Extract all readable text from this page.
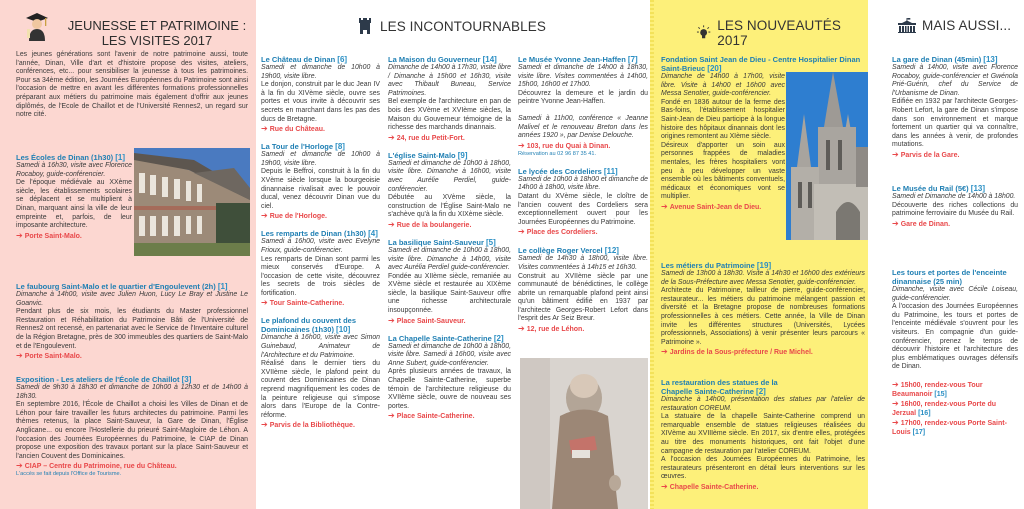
JEUNESSE ET PATRIMOINE :
LES VISITES 2017

Les jeunes générations sont l'avenir de notre patrimoine aussi, toute l'année, Dinan, Ville d'art et d'histoire propose des visites, ateliers, conférences, etc... pour sensibiliser la jeunesse à tous les patrimoines. Pour sa 34ème édition, les Journées Européennes du Patrimoine sont ainsi l'occasion de mettre en avant les différentes formations professionnelles préparant aux métiers du patrimoine mais également d'offrir aux jeunes diplômés, de l'Ecole de Chaillot et de l'Université Rennes2, un regard sur notre cité.

Les Écoles de Dinan (1h30) [1]
Samedi à 16h30, visite avec Florence Rocaboy, guide-conférencier.
De l'époque médiévale au XXème siècle, les établissements scolaires se déplacent et se multiplient à Dinan, marquant ainsi la ville de leur empreinte et, parfois, de leur imposante architecture.
➔ Porte Saint-Malo.
Le faubourg Saint-Malo et le quartier d'Engoulevent (2h) [1]
Dimanche à 14h00, visite avec Julien Huon, Lucy Le Bray et Justine Le Goanvic.
Pendant plus de six mois, les étudiants du Master professionnel Restauration et Réhabilitation du Patrimoine Bâti de l'Université de Rennes2 ont recensé, en partenariat avec le Service de l'Inventaire culturel de la Région Bretagne, près de 300 immeubles des quartiers de Saint-Malo et de l'Engoulevent.
➔ Porte Saint-Malo.
Exposition - Les ateliers de l'École de Chaillot [3]
Samedi de 9h30 à 18h30 et dimanche de 10h00 à 12h30 et de 14h00 à 18h30.
En septembre 2016, l'École de Chaillot a choisi les Villes de Dinan et de Léhon pour faire travailler les futurs architectes du patrimoine. Parmi les thèmes retenus, la place Saint-Sauveur, la Gare de Dinan, l'Église Anglicane... ou encore l'Hostellerie du prieuré Saint-Magloire de Léhon. A l'occasion des Journées Européennes du Patrimoine, le CIAP de Dinan propose une exposition des travaux portant sur la place Saint-Sauveur et l'ancien Couvent des Dominicaines.
➔ CIAP – Centre du Patrimoine, rue du Château.
L'accès se fait depuis l'Office de Tourisme.
LES INCONTOURNABLES
Le Château de Dinan [6]
Samedi et dimanche de 10h00 à 19h00, visite libre.
Le donjon, construit par le duc Jean IV à la fin du XIVème siècle, ouvre ses portes et vous invite à découvrir ses secrets en marchant dans les pas des ducs de Bretagne.
➔ Rue du Château.
La Tour de l'Horloge [8]
Samedi et dimanche de 10h00 à 19h00, visite libre.
Depuis le Beffroi, construit à la fin du XVème siècle lorsque la bourgeoisie dinannaise rivalisait avec le pouvoir ducal, venez découvrir Dinan vue du ciel.
➔ Rue de l'Horloge.
Les remparts de Dinan (1h30) [4]
Samedi à 16h00, visite avec Evelyne Frioux, guide-conférencier.
Les remparts de Dinan sont parmi les mieux conservés d'Europe. A l'occasion de cette visite, découvrez les secrets de trois siècles de fortification.
➔ Tour Sainte-Catherine.
Le plafond du couvent des Dominicaines (1h30) [10]
Dimanche à 16h00, visite avec Simon Guinebaud, Animateur de l'Architecture et du Patrimoine.
Réalisé dans le dernier tiers du XVIIème siècle, le plafond peint du couvent des Dominicaines de Dinan reprend magnifiquement les codes de la peinture religieuse qui s'impose alors dans l'Europe de la Contre-réforme.
➔ Parvis de la Bibliothèque.
La Maison du Gouverneur [14]
Dimanche de 14h00 à 17h30, visite libre / Dimanche à 15h00 et 16h30, visite avec Thibault Buneau, Service Patrimoines.
Bel exemple de l'architecture en pan de bois des XVème et XVIème siècles, la Maison du Gouverneur témoigne de la richesse des marchands dinannais.
➔ 24, rue du Petit-Fort.
L'église Saint-Malo [9]
Samedi et dimanche de 10h00 à 18h00, visite libre. Dimanche à 16h00, visite avec Aurélie Perdiel, guide-conférencier.
Débutée au XVème siècle, la construction de l'Église Saint-Malo ne s'achève qu'à la fin du XIXème siècle.
➔ Rue de la boulangerie.
La basilique Saint-Sauveur [5]
Samedi et dimanche de 10h00 à 18h00, visite libre. Dimanche à 14h00, visite avec Aurélia Perdiel guide-conférencier.
Fondée au XIIème siècle, remaniée au XVème siècle et restaurée au XIXème siècle, la basilique Saint-Sauveur offre une richesse architecturale insoupçonnée.
➔ Place Saint-Sauveur.
La Chapelle Sainte-Catherine [2]
Samedi et dimanche de 10h00 à 18h00, visite libre. Samedi à 16h00, visite avec Anne Subert, guide-conférencier.
Après plusieurs années de travaux, la Chapelle Sainte-Catherine, superbe témoin de l'architecture religieuse du XVIIème siècle, ouvre de nouveau ses portes.
➔ Place Sainte-Catherine.
Le Musée Yvonne Jean-Haffen [7]
Samedi et dimanche de 14h00 à 18h30, visite libre. Visites commentées à 14h00, 15h00, 16h00 et 17h00.
Découvrez la demeure et le jardin du peintre Yvonne Jean-Haffen.
Samedi à 11h00, conférence « Jeanne Malivel et le renouveau Breton dans les années 1920 », par Denise Delouche.
➔ 103, rue du Quai à Dinan.
Réservation au 02 96 87 35 41.
Le lycée des Cordeliers [11]
Samedi de 10h00 à 18h00 et dimanche de 14h00 à 18h00, visite libre.
Datant du XVème siècle, le cloître de l'ancien couvent des Cordeliers sera exceptionnellement ouvert pour les Journées Européennes du Patrimoine.
➔ Place des Cordeliers.
Le collège Roger Vercel [12]
Samedi de 14h30 à 18h00, visite libre. Visites commentées à 14h15 et 16h30.
Construit au XVIIème siècle par une communauté de bénédictines, le collège abrite un remarquable plafond peint ainsi qu'un bâtiment édifié en 1937 par l'architecte Georges-Robert Lefort dans l'esprit des Ar Seiz Breur.
➔ 12, rue de Léhon.
LES NOUVEAUTÉS 2017
Fondation Saint Jean de Dieu - Centre Hospitalier Dinan Saint-Brieuc [20]
Dimanche de 14h00 à 17h00, visite libre. Visite à 14h00 et 16h00 avec Messa Senotier, guide-conférencier.
Fondé en 1836 autour de la ferme des Bas-foins, l'établissement hospitalier Saint-Jean de Dieu participe à la longue histoire des hôpitaux dinannais dont les origines remontent au XIème siècle.
Désireux d'apporter un soin aux personnes frappées de maladies mentales, les frères hospitaliers vont peu à peu développer un vaste ensemble où les bâtiments conventuels, médicaux et économiques vont se multiplier.
➔ Avenue Saint-Jean de Dieu.
Les métiers du Patrimoine [19]
Samedi de 13h00 à 18h30. Visite à 14h30 et 16h00 des extérieurs de la Sous-Préfecture avec Messa Senotier, guide-conférencier.
Architecte du Patrimoine, tailleur de pierre, guide-conférencier, restaurateur... les métiers du patrimoine mélangent passion et diversité et la Bretagne propose de nombreuses formations professionnelles à ces métiers. Cette année, la Ville de Dinan invite les différentes structures (Universités, Lycées professionnels, Associations) à venir présenter leurs parcours « Patrimoine ».
➔ Jardins de la Sous-préfecture / Rue Michel.
La restauration des statues de la Chapelle Sainte-Catherine [2]
Dimanche à 14h00, présentation des statues par l'atelier de restauration COREUM.
La statuaire de la chapelle Sainte-Catherine comprend un remarquable ensemble de statues religieuses réalisées du XIVème au XVIIIème siècle. En 2017, six d'entre elles, protégées au titre des monuments historiques, ont fait l'objet d'une campagne de restauration par l'atelier COREUM.
A l'occasion des Journées Européennes du Patrimoine, les restaurateurs présenteront en détail leurs interventions sur les œuvres.
➔ Chapelle Sainte-Catherine.
MAIS AUSSI...
La gare de Dinan (45min) [13]
Samedi à 14h00, visite avec Florence Rocaboy, guide-conférencier et Gwénola Prié-Guérin, chef du Service de l'Urbanisme de Dinan.
Edifiée en 1932 par l'architecte Georges-Robert Lefort, la gare de Dinan s'impose dans son environnement et marque fortement un quartier qui va connaître, dans les années à venir, de profondes mutations.
➔ Parvis de la Gare.
Le Musée du Rail (5€) [13]
Samedi et Dimanche de 14h00 à 18h00.
Découverte des riches collections du patrimoine ferroviaire du Musée du Rail.
➔ Gare de Dinan.
Les tours et portes de l'enceinte dinannaise (25 min)
Dimanche, visite avec Cécile Loiseau, guide-conférencier.
A l'occasion des Journées Européennes du Patrimoine, les tours et portes de l'enceinte médiévale s'ouvrent pour les visiteurs. En compagnie d'un guide-conférencier, prenez le temps de découvrir l'histoire et l'architecture des plus emblématiques ouvrages défensifs de Dinan.
➔ 15h00, rendez-vous Tour Beaumanoir [15]
➔ 16h00, rendez-vous Porte du Jerzual [16]
➔ 17h00, rendez-vous Porte Saint-Louis [17]
